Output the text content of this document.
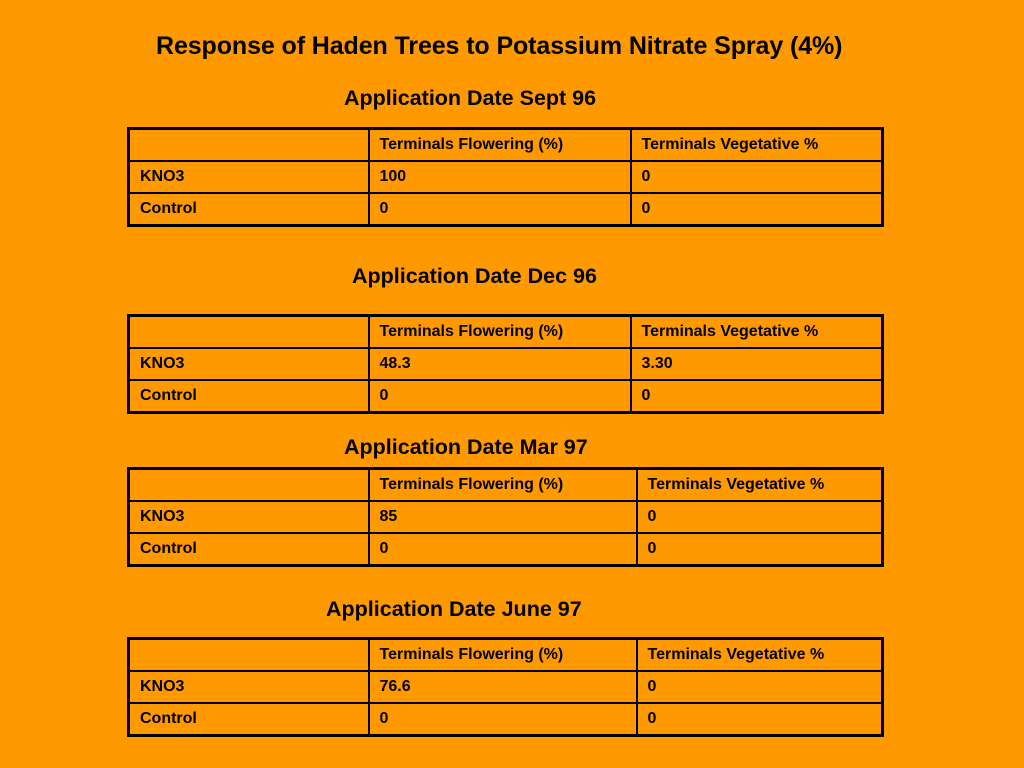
Response of Haden Trees to Potassium Nitrate Spray (4%)
Application Date Sept 96
	Terminals Flowering (%)	Terminals Vegetative %
KNO3	100	0
Control	0	0
Application Date Dec 96
	Terminals Flowering (%)	Terminals Vegetative %
KNO3	48.3	3.30
Control	0	0
Application Date Mar 97
	Terminals Flowering (%)	Terminals Vegetative %
KNO3	85	0
Control	0	0
Application Date June 97
	Terminals Flowering (%)	Terminals Vegetative %
KNO3	76.6	0
Control	0	0
